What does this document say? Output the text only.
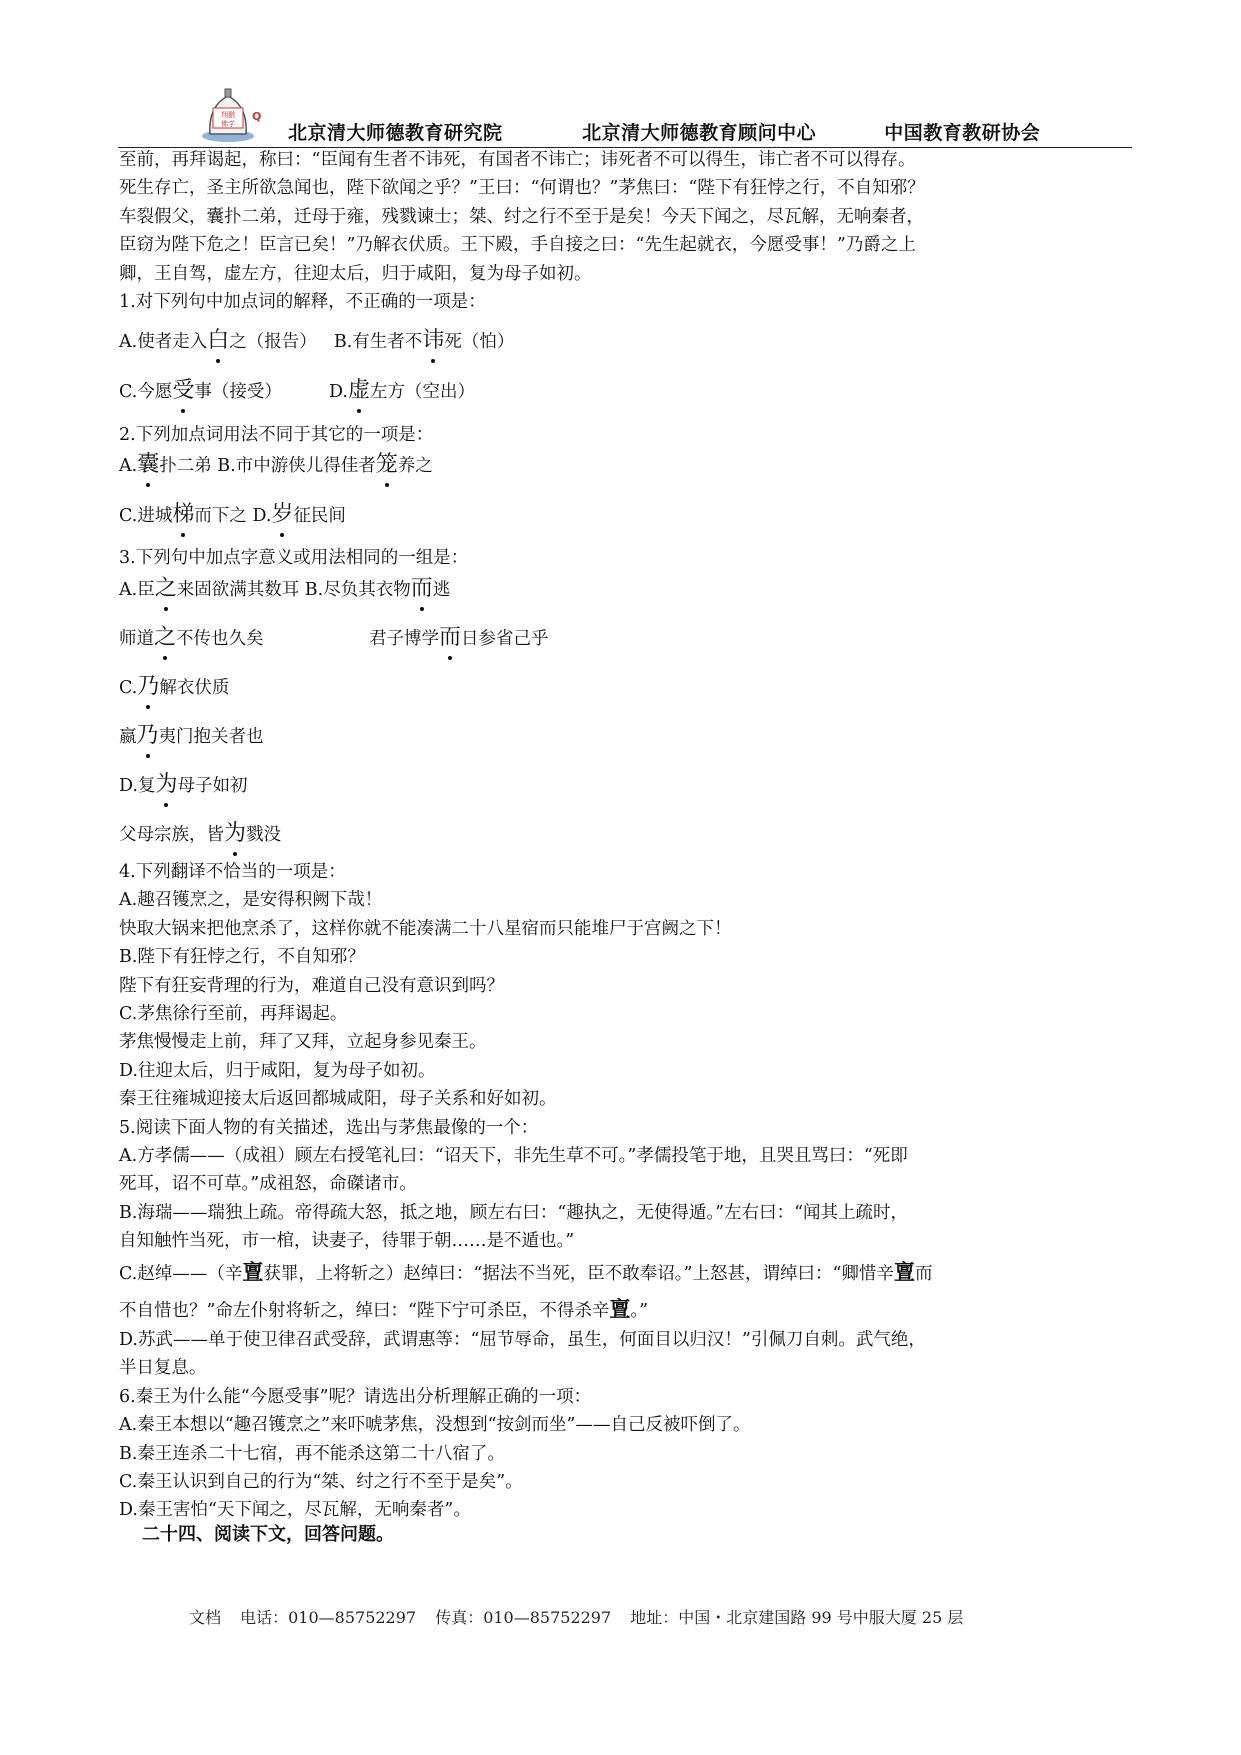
翔鹏
佛学
Q
北京清大师德教育研究院	北京清大师德教育顾问中心	中国教育教研协会

至前，再拜谒起，称曰：“臣闻有生者不讳死，有国者不讳亡；讳死者不可以得生，讳亡者不可以得存。

死生存亡，圣主所欲急闻也，陛下欲闻之乎？”王曰：“何谓也？”茅焦曰：“陛下有狂悖之行，不自知邪？

车裂假父，囊扑二弟，迁母于雍，残戮谏士；桀、纣之行不至于是矣！今天下闻之，尽瓦解，无响秦者，

臣窃为陛下危之！臣言已矣！”乃解衣伏质。王下殿，手自接之曰：“先生起就衣，今愿受事！”乃爵之上

卿，王自驾，虚左方，往迎太后，归于咸阳，复为母子如初。

1.对下列句中加点词的解释，不正确的一项是：

A.使者走入白之（报告） B.有生者不讳死（怕）
C.今愿受事（接受）	D.虚左方（空出）
2.下列加点词用法不同于其它的一项是：
A.囊扑二弟 B.市中游侠儿得佳者笼养之
C.进城梯而下之 D.岁征民间
3.下列句中加点字意义或用法相同的一组是：
A.臣之来固欲满其数耳 B.尽负其衣物而逃
师道之不传也久矣	君子博学而日参省己乎
C.乃解衣伏质
嬴乃夷门抱关者也
D.复为母子如初
父母宗族，皆为戮没

4.下列翻译不恰当的一项是：

A.趣召镬烹之，是安得积阙下哉！

快取大锅来把他烹杀了，这样你就不能凑满二十八星宿而只能堆尸于宫阙之下！

B.陛下有狂悖之行，不自知邪？

陛下有狂妄背理的行为，难道自己没有意识到吗？

C.茅焦徐行至前，再拜谒起。

茅焦慢慢走上前，拜了又拜，立起身参见秦王。

D.往迎太后，归于咸阳，复为母子如初。

秦王往雍城迎接太后返回都城咸阳，母子关系和好如初。

5.阅读下面人物的有关描述，选出与茅焦最像的一个：

A.方孝儒——（成祖）顾左右授笔礼曰：“诏天下，非先生草不可。”孝儒投笔于地，且哭且骂曰：“死即

死耳，诏不可草。”成祖怒，命磔诸市。

B.海瑞——瑞独上疏。帝得疏大怒，抵之地，顾左右曰：“趣执之，无使得遁。”左右曰：“闻其上疏时，

自知触忤当死，市一棺，诀妻子，待罪于朝……是不遁也。”

C.赵绰——（辛亶获罪，上将斩之）赵绰曰：“据法不当死，臣不敢奉诏。”上怒甚，谓绰曰：“卿惜辛亶而
不自惜也？”命左仆射将斩之，绰曰：“陛下宁可杀臣，不得杀辛亶。”

D.苏武——单于使卫律召武受辞，武谓惠等：“屈节辱命，虽生，何面目以归汉！”引佩刀自刺。武气绝，

半日复息。

6.秦王为什么能“今愿受事”呢？请选出分析理解正确的一项：

A.秦王本想以“趣召镬烹之”来吓唬茅焦，没想到“按剑而坐”——自己反被吓倒了。

B.秦王连杀二十七宿，再不能杀这第二十八宿了。

C.秦王认识到自己的行为“桀、纣之行不至于是矣”。

D.秦王害怕“天下闻之，尽瓦解，无响秦者”。

二十四、阅读下文，回答问题。
文档 电话：010—85752297 传真：010—85752297 地址：中国・北京建国路 99 号中服大厦 25 层
